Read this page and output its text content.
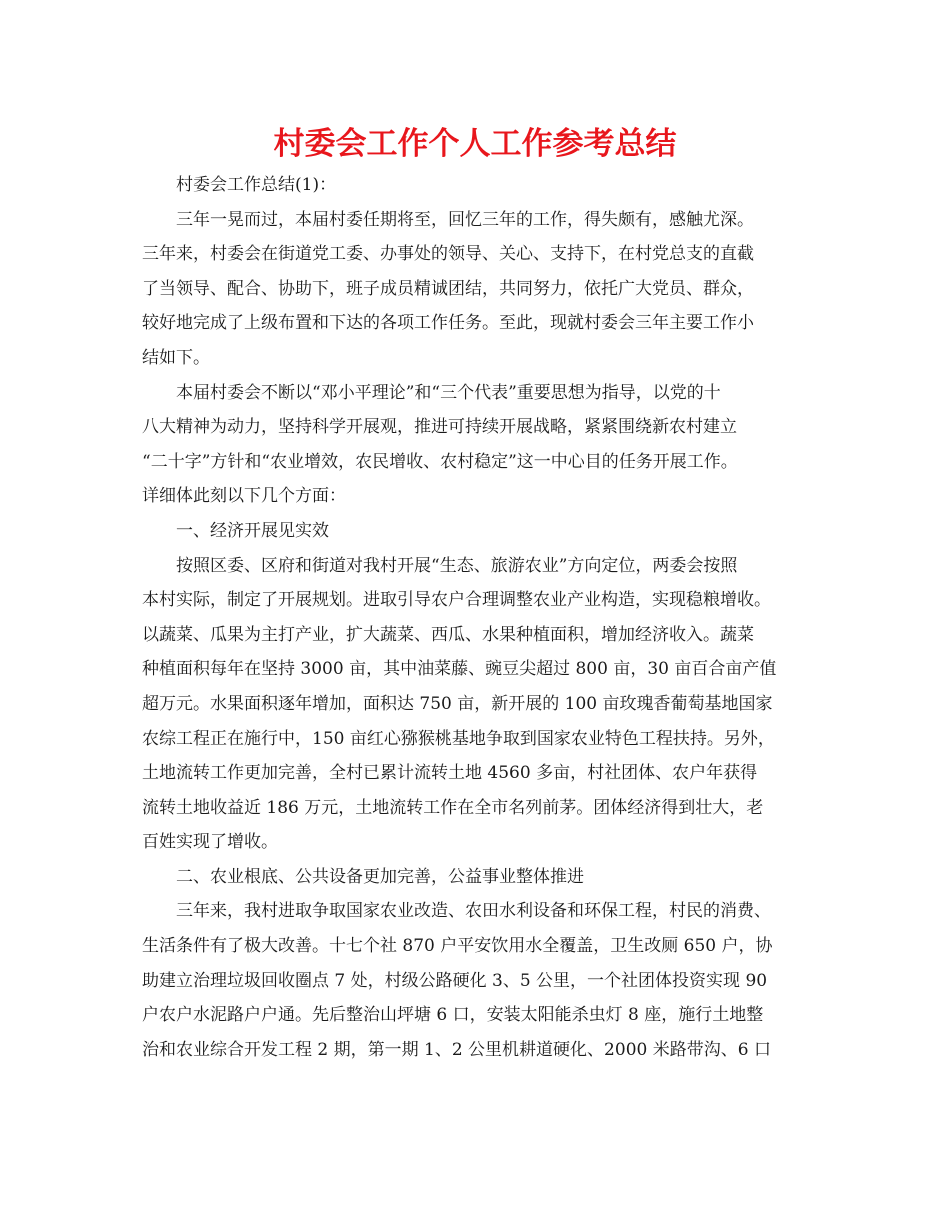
村委会工作个人工作参考总结
村委会工作总结(1)：
三年一晃而过，本届村委任期将至，回忆三年的工作，得失颇有，感触尤深。
三年来，村委会在街道党工委、办事处的领导、关心、支持下，在村党总支的直截
了当领导、配合、协助下，班子成员精诚团结，共同努力，依托广大党员、群众，
较好地完成了上级布置和下达的各项工作任务。至此，现就村委会三年主要工作小
结如下。
本届村委会不断以“邓小平理论”和“三个代表”重要思想为指导，以党的十
八大精神为动力，坚持科学开展观，推进可持续开展战略，紧紧围绕新农村建立
“二十字”方针和“农业增效，农民增收、农村稳定”这一中心目的任务开展工作。
详细体此刻以下几个方面：
一、经济开展见实效
按照区委、区府和街道对我村开展“生态、旅游农业”方向定位，两委会按照
本村实际，制定了开展规划。进取引导农户合理调整农业产业构造，实现稳粮增收。
以蔬菜、瓜果为主打产业，扩大蔬菜、西瓜、水果种植面积，增加经济收入。蔬菜
种植面积每年在坚持 3000 亩，其中油菜藤、豌豆尖超过 800 亩，30 亩百合亩产值
超万元。水果面积逐年增加，面积达 750 亩，新开展的 100 亩玫瑰香葡萄基地国家
农综工程正在施行中，150 亩红心猕猴桃基地争取到国家农业特色工程扶持。另外，
土地流转工作更加完善，全村已累计流转土地 4560 多亩，村社团体、农户年获得
流转土地收益近 186 万元，土地流转工作在全市名列前茅。团体经济得到壮大，老
百姓实现了增收。
二、农业根底、公共设备更加完善，公益事业整体推进
三年来，我村进取争取国家农业改造、农田水利设备和环保工程，村民的消费、
生活条件有了极大改善。十七个社 870 户平安饮用水全覆盖，卫生改厕 650 户，协
助建立治理垃圾回收圈点 7 处，村级公路硬化 3、5 公里，一个社团体投资实现 90
户农户水泥路户户通。先后整治山坪塘 6 口，安装太阳能杀虫灯 8 座，施行土地整
治和农业综合开发工程 2 期，第一期 1、2 公里机耕道硬化、2000 米路带沟、6 口
